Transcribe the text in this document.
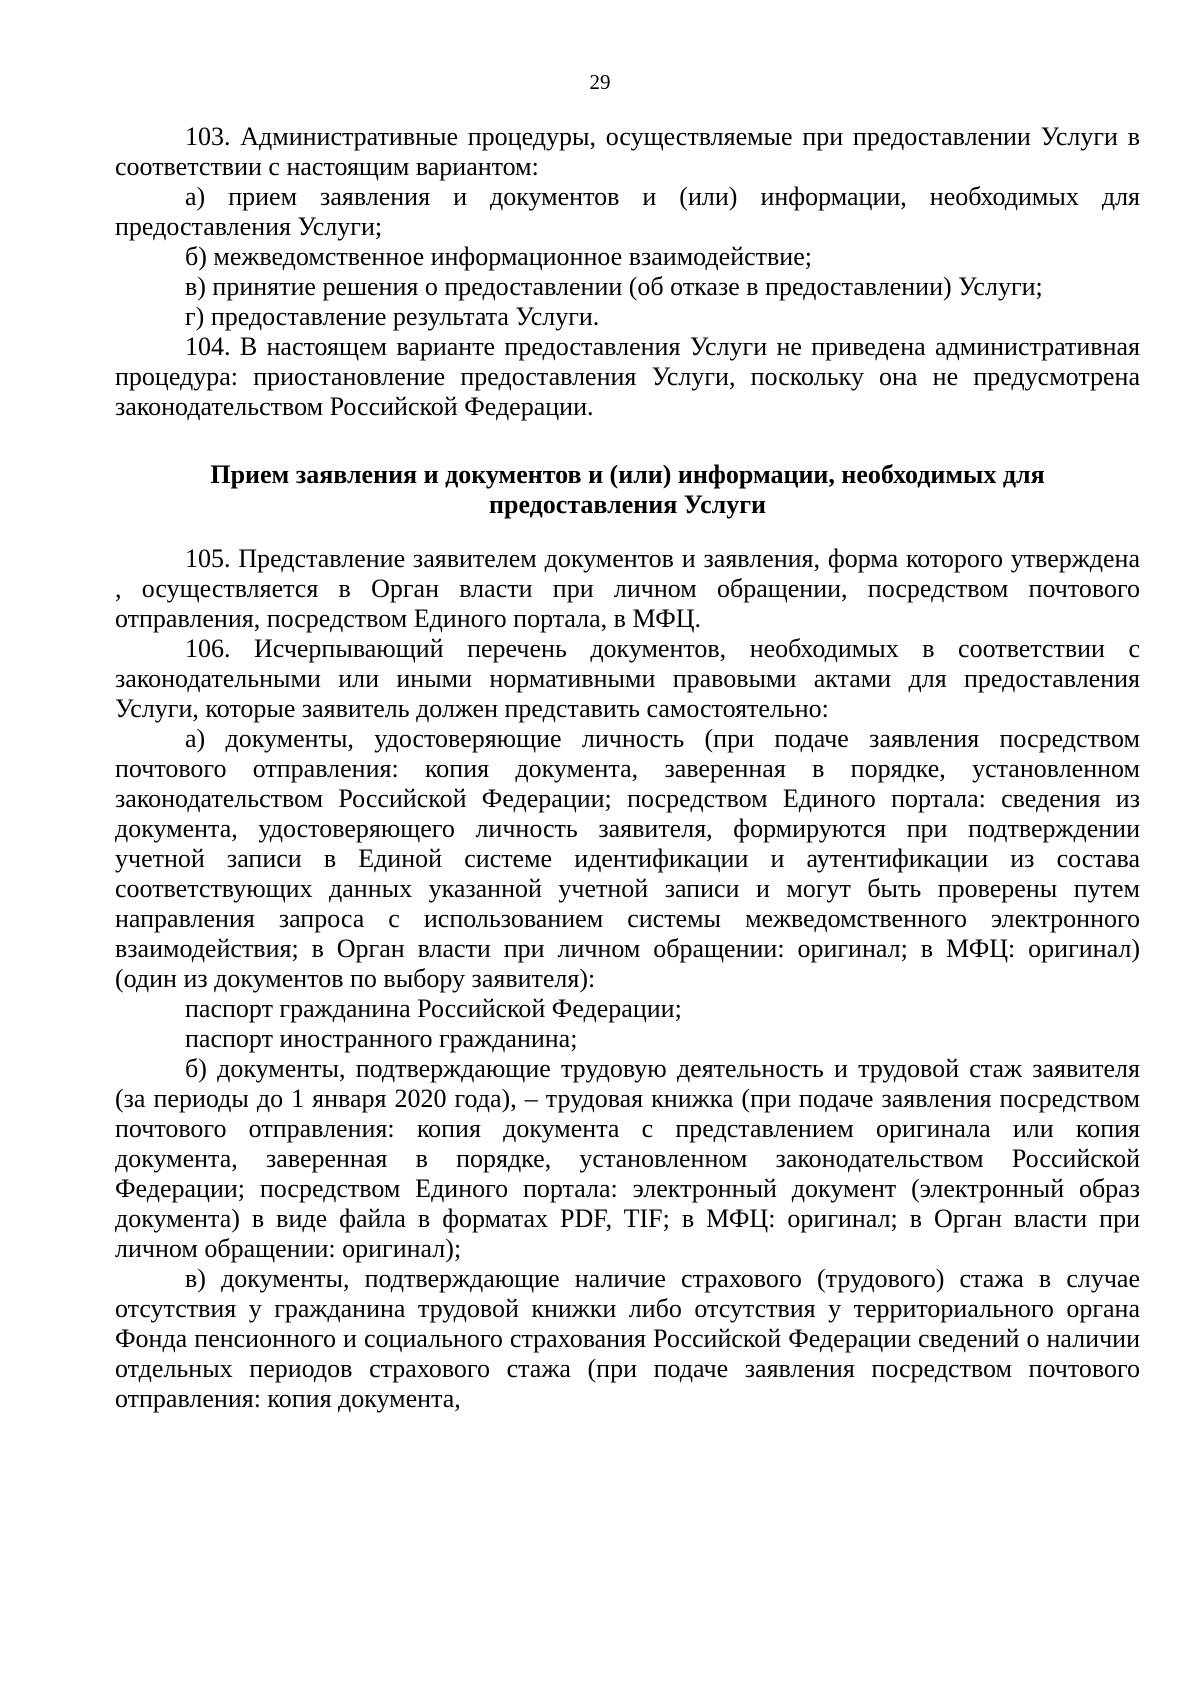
29

103. Административные процедуры, осуществляемые при предоставлении Услуги в соответствии с настоящим вариантом:

а) прием заявления и документов и (или) информации, необходимых для предоставления Услуги;

б) межведомственное информационное взаимодействие;

в) принятие решения о предоставлении (об отказе в предоставлении) Услуги;

г) предоставление результата Услуги.

104. В настоящем варианте предоставления Услуги не приведена административная процедура: приостановление предоставления Услуги, поскольку она не предусмотрена законодательством Российской Федерации.

Прием заявления и документов и (или) информации, необходимых для
предоставления Услуги

105. Представление заявителем документов и заявления, форма которого утверждена , осуществляется в Орган власти при личном обращении, посредством почтового отправления, посредством Единого портала, в МФЦ.

106. Исчерпывающий перечень документов, необходимых в соответствии с законодательными или иными нормативными правовыми актами для предоставления Услуги, которые заявитель должен представить самостоятельно:

а) документы, удостоверяющие личность (при подаче заявления посредством почтового отправления: копия документа, заверенная в порядке, установленном законодательством Российской Федерации; посредством Единого портала: сведения из документа, удостоверяющего личность заявителя, формируются при подтверждении учетной записи в Единой системе идентификации и аутентификации из состава соответствующих данных указанной учетной записи и могут быть проверены путем направления запроса с использованием системы межведомственного электронного взаимодействия; в Орган власти при личном обращении: оригинал; в МФЦ: оригинал) (один из документов по выбору заявителя):

паспорт гражданина Российской Федерации;

паспорт иностранного гражданина;

б) документы, подтверждающие трудовую деятельность и трудовой стаж заявителя (за периоды до 1 января 2020 года), – трудовая книжка (при подаче заявления посредством почтового отправления: копия документа с представлением оригинала или копия документа, заверенная в порядке, установленном законодательством Российской Федерации; посредством Единого портала: электронный документ (электронный образ документа) в виде файла в форматах PDF, TIF; в МФЦ: оригинал; в Орган власти при личном обращении: оригинал);

в) документы, подтверждающие наличие страхового (трудового) стажа в случае отсутствия у гражданина трудовой книжки либо отсутствия у территориального органа Фонда пенсионного и социального страхования Российской Федерации сведений о наличии отдельных периодов страхового стажа (при подаче заявления посредством почтового отправления: копия документа,
